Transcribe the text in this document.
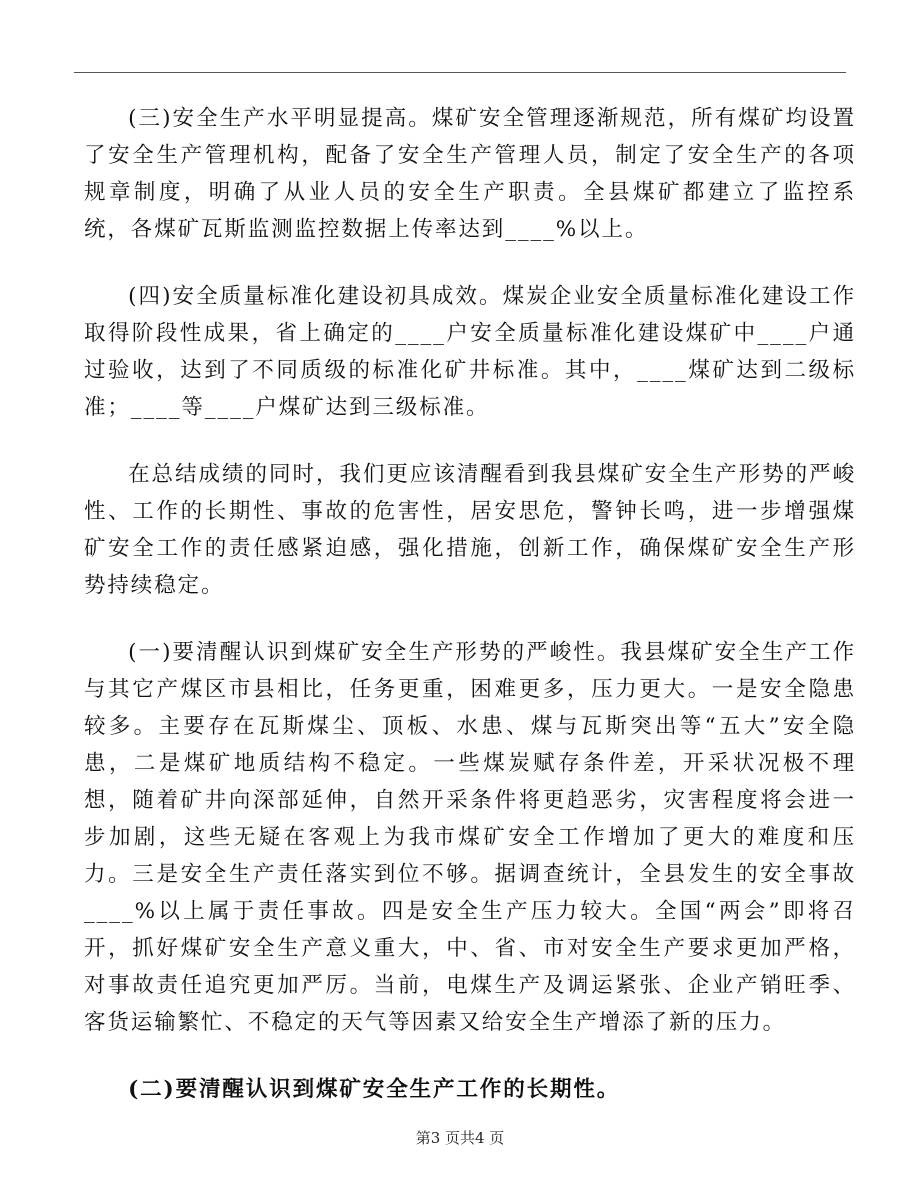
(三)安全生产水平明显提高。煤矿安全管理逐渐规范，所有煤矿均设置了安全生产管理机构，配备了安全生产管理人员，制定了安全生产的各项规章制度，明确了从业人员的安全生产职责。全县煤矿都建立了监控系统，各煤矿瓦斯监测监控数据上传率达到____%以上。

(四)安全质量标准化建设初具成效。煤炭企业安全质量标准化建设工作取得阶段性成果，省上确定的____户安全质量标准化建设煤矿中____户通过验收，达到了不同质级的标准化矿井标准。其中，____煤矿达到二级标准；____等____户煤矿达到三级标准。

在总结成绩的同时，我们更应该清醒看到我县煤矿安全生产形势的严峻性、工作的长期性、事故的危害性，居安思危，警钟长鸣，进一步增强煤矿安全工作的责任感紧迫感，强化措施，创新工作，确保煤矿安全生产形势持续稳定。

(一)要清醒认识到煤矿安全生产形势的严峻性。我县煤矿安全生产工作与其它产煤区市县相比，任务更重，困难更多，压力更大。一是安全隐患较多。主要存在瓦斯煤尘、顶板、水患、煤与瓦斯突出等“五大”安全隐患，二是煤矿地质结构不稳定。一些煤炭赋存条件差，开采状况极不理想，随着矿井向深部延伸，自然开采条件将更趋恶劣，灾害程度将会进一步加剧，这些无疑在客观上为我市煤矿安全工作增加了更大的难度和压力。三是安全生产责任落实到位不够。据调查统计，全县发生的安全事故____%以上属于责任事故。四是安全生产压力较大。全国“两会”即将召开，抓好煤矿安全生产意义重大，中、省、市对安全生产要求更加严格，对事故责任追究更加严厉。当前，电煤生产及调运紧张、企业产销旺季、客货运输繁忙、不稳定的天气等因素又给安全生产增添了新的压力。

(二)要清醒认识到煤矿安全生产工作的长期性。

第3 页共4 页
